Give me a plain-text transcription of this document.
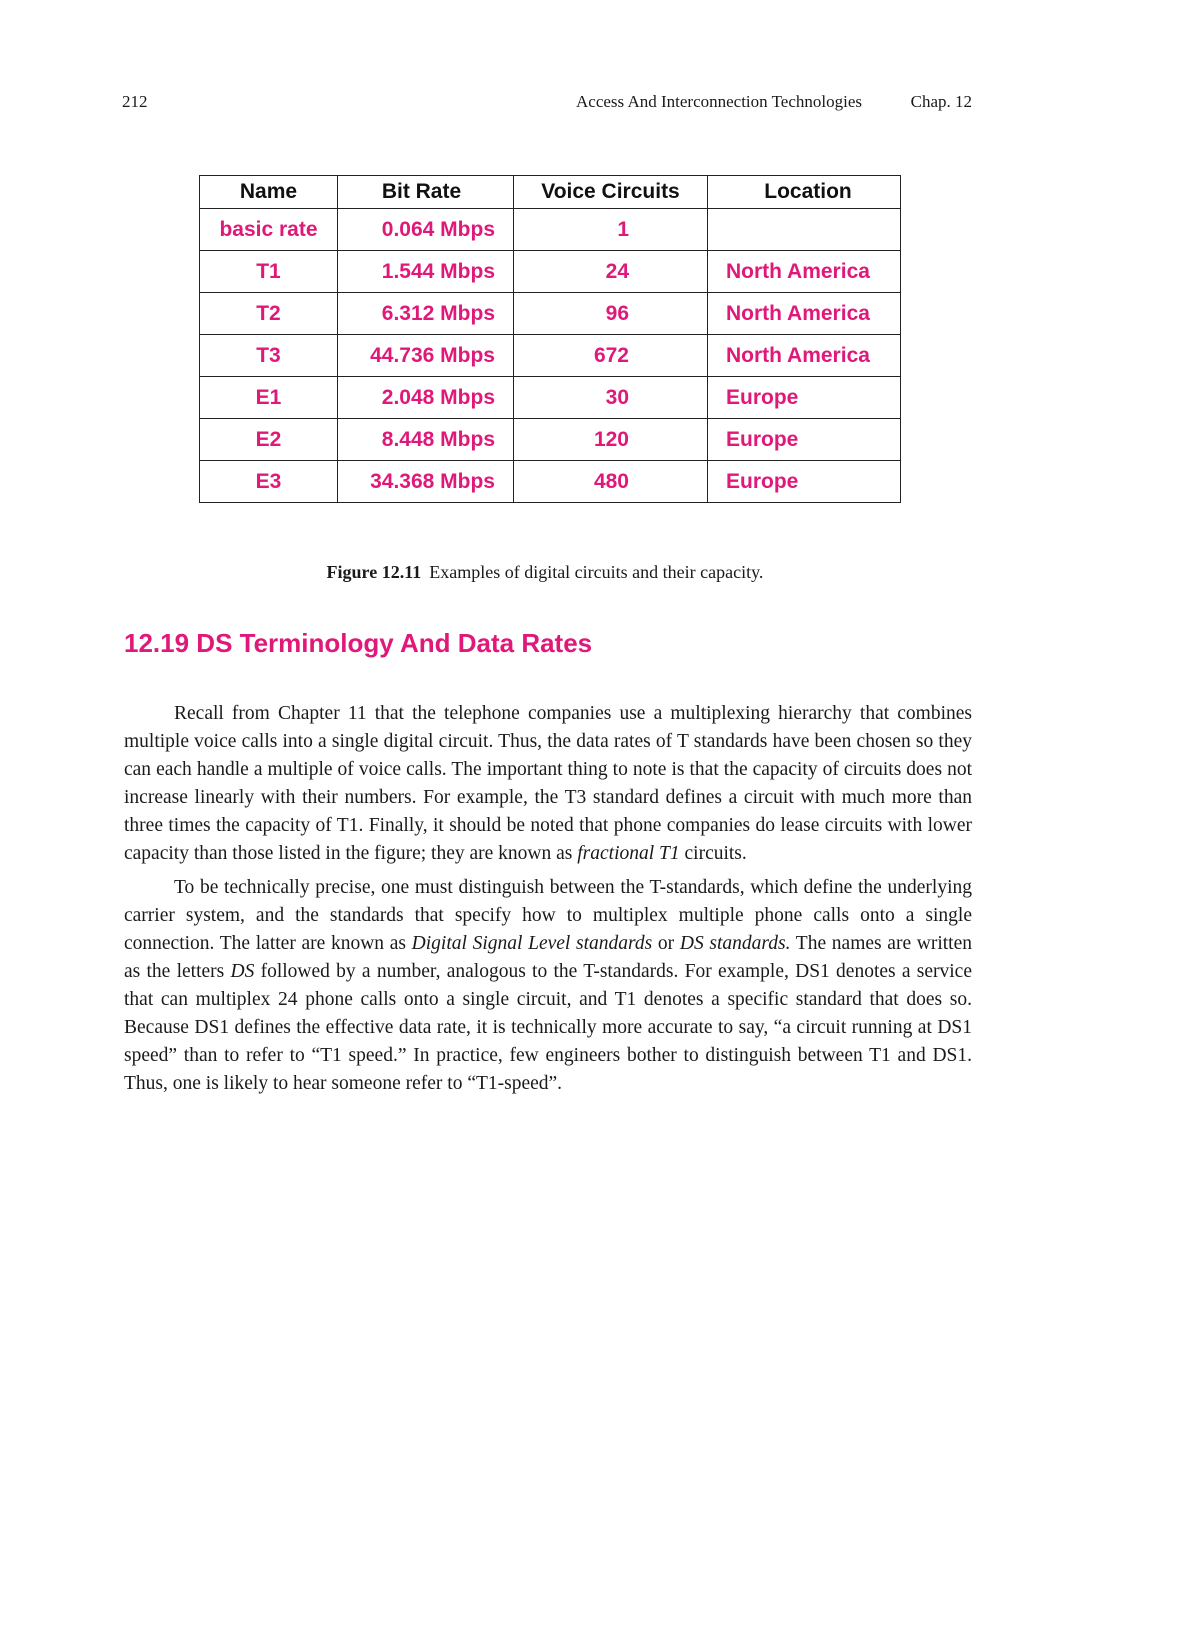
212	Access And Interconnection Technologies	Chap. 12
Name	Bit Rate	Voice Circuits	Location
basic rate	0.064 Mbps	1	
T1	1.544 Mbps	24	North America
T2	6.312 Mbps	96	North America
T3	44.736 Mbps	672	North America
E1	2.048 Mbps	30	Europe
E2	8.448 Mbps	120	Europe
E3	34.368 Mbps	480	Europe
Figure 12.11 Examples of digital circuits and their capacity.
12.19 DS Terminology And Data Rates

Recall from Chapter 11 that the telephone companies use a multiplexing hierarchy that combines multiple voice calls into a single digital circuit. Thus, the data rates of T standards have been chosen so they can each handle a multiple of voice calls. The important thing to note is that the capacity of circuits does not increase linearly with their numbers. For example, the T3 standard defines a circuit with much more than three times the capacity of T1. Finally, it should be noted that phone companies do lease circuits with lower capacity than those listed in the figure; they are known as fractional T1 circuits.

To be technically precise, one must distinguish between the T-standards, which define the underlying carrier system, and the standards that specify how to multiplex multiple phone calls onto a single connection. The latter are known as Digital Signal Level standards or DS standards. The names are written as the letters DS followed by a number, analogous to the T-standards. For example, DS1 denotes a service that can multiplex 24 phone calls onto a single circuit, and T1 denotes a specific standard that does so. Because DS1 defines the effective data rate, it is technically more accurate to say, “a circuit running at DS1 speed” than to refer to “T1 speed.” In practice, few engineers bother to distinguish between T1 and DS1. Thus, one is likely to hear someone refer to “T1-speed”.
